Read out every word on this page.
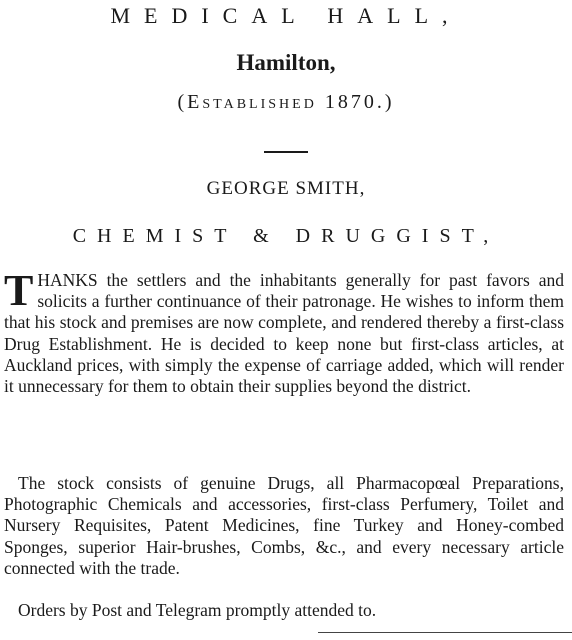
MEDICAL HALL,
Hamilton,
(Established 1870.)
GEORGE SMITH,
CHEMIST & DRUGGIST,
THANKS the settlers and the inhabitants generally for past favors and solicits a further continuance of their patronage. He wishes to inform them that his stock and premises are now complete, and rendered thereby a first-class Drug Establishment. He is decided to keep none but first-class articles, at Auckland prices, with simply the expense of carriage added, which will render it unnecessary for them to obtain their supplies beyond the district.
The stock consists of genuine Drugs, all Pharmacopœal Preparations, Photographic Chemicals and accessories, first-class Perfumery, Toilet and Nursery Requisites, Patent Medicines, fine Turkey and Honey-combed Sponges, superior Hair-brushes, Combs, &c., and every necessary article connected with the trade.
Orders by Post and Telegram promptly attended to.
